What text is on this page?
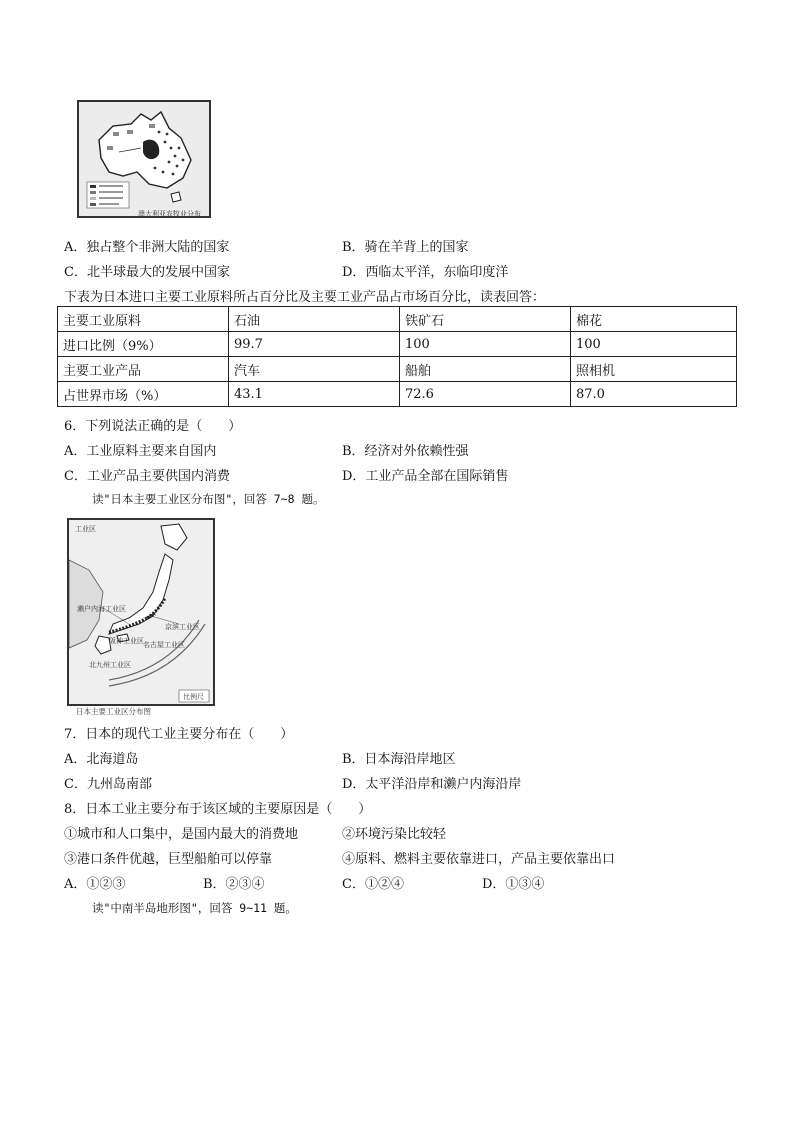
澳大利亚农牧业分布
A．独占整个非洲大陆的国家	B．骑在羊背上的国家
C．北半球最大的发展中国家	D．西临太平洋，东临印度洋
下表为日本进口主要工业原料所占百分比及主要工业产品占市场百分比，读表回答：
主要工业原料	石油	铁矿石	棉花
进口比例（9%）	99.7	100	100
主要工业产品	汽车	船舶	照相机
占世界市场（%）	43.1	72.6	87.0
6．下列说法正确的是（　　）
A．工业原料主要来自国内	B．经济对外依赖性强
C．工业产品主要供国内消费	D．工业产品全部在国际销售
读"日本主要工业区分布图"，回答 7~8 题。
工业区
京滨工业区
阪神工业区 名古屋工业区
濑户内海工业区
北九州工业区
比例尺
日本主要工业区分布图
7．日本的现代工业主要分布在（　　）
A．北海道岛	B．日本海沿岸地区
C．九州岛南部	D．太平洋沿岸和濑户内海沿岸
8．日本工业主要分布于该区域的主要原因是（　　）
①城市和人口集中，是国内最大的消费地	②环境污染比较轻
③港口条件优越，巨型船舶可以停靠	④原料、燃料主要依靠进口，产品主要依靠出口
A．①②③	B．②③④	C．①②④	D．①③④
读"中南半岛地形图"，回答 9~11 题。
